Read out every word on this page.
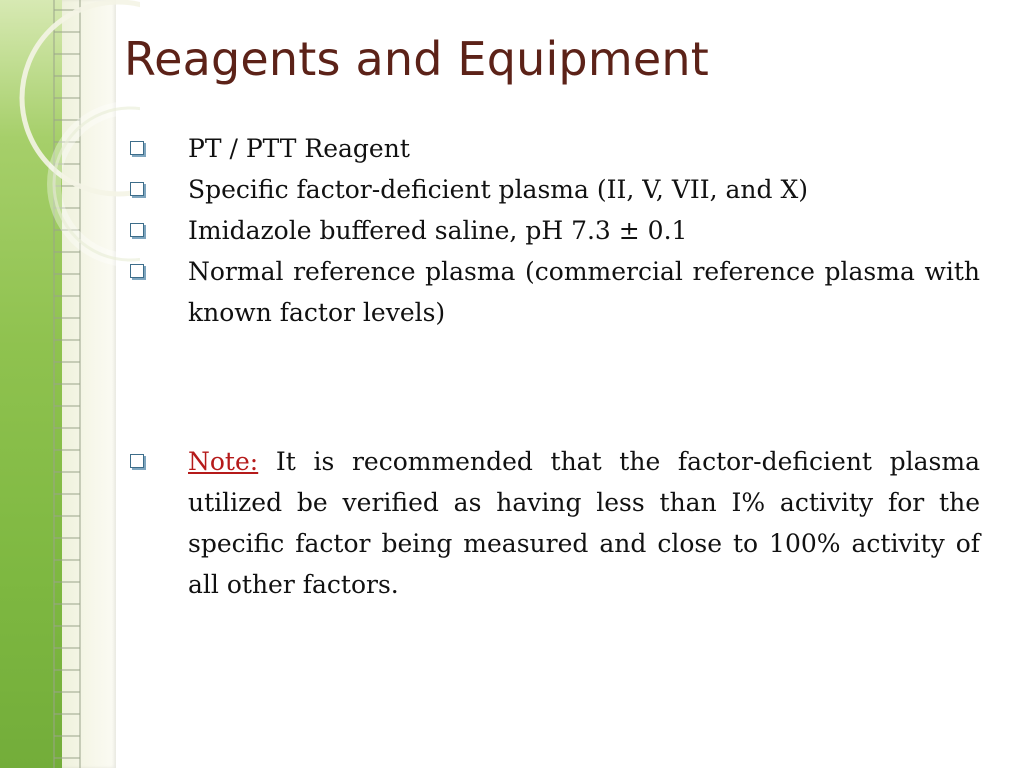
Reagents and Equipment
PT / PTT Reagent
Specific factor-deficient plasma (II, V, VII, and X)
Imidazole buffered saline, pH 7.3 ± 0.1
Normal reference plasma (commercial reference plasma with known factor levels)
Note: It is recommended that the factor-deficient plasma utilized be verified as having less than I% activity for the specific factor being measured and close to 100% activity of all other factors.
